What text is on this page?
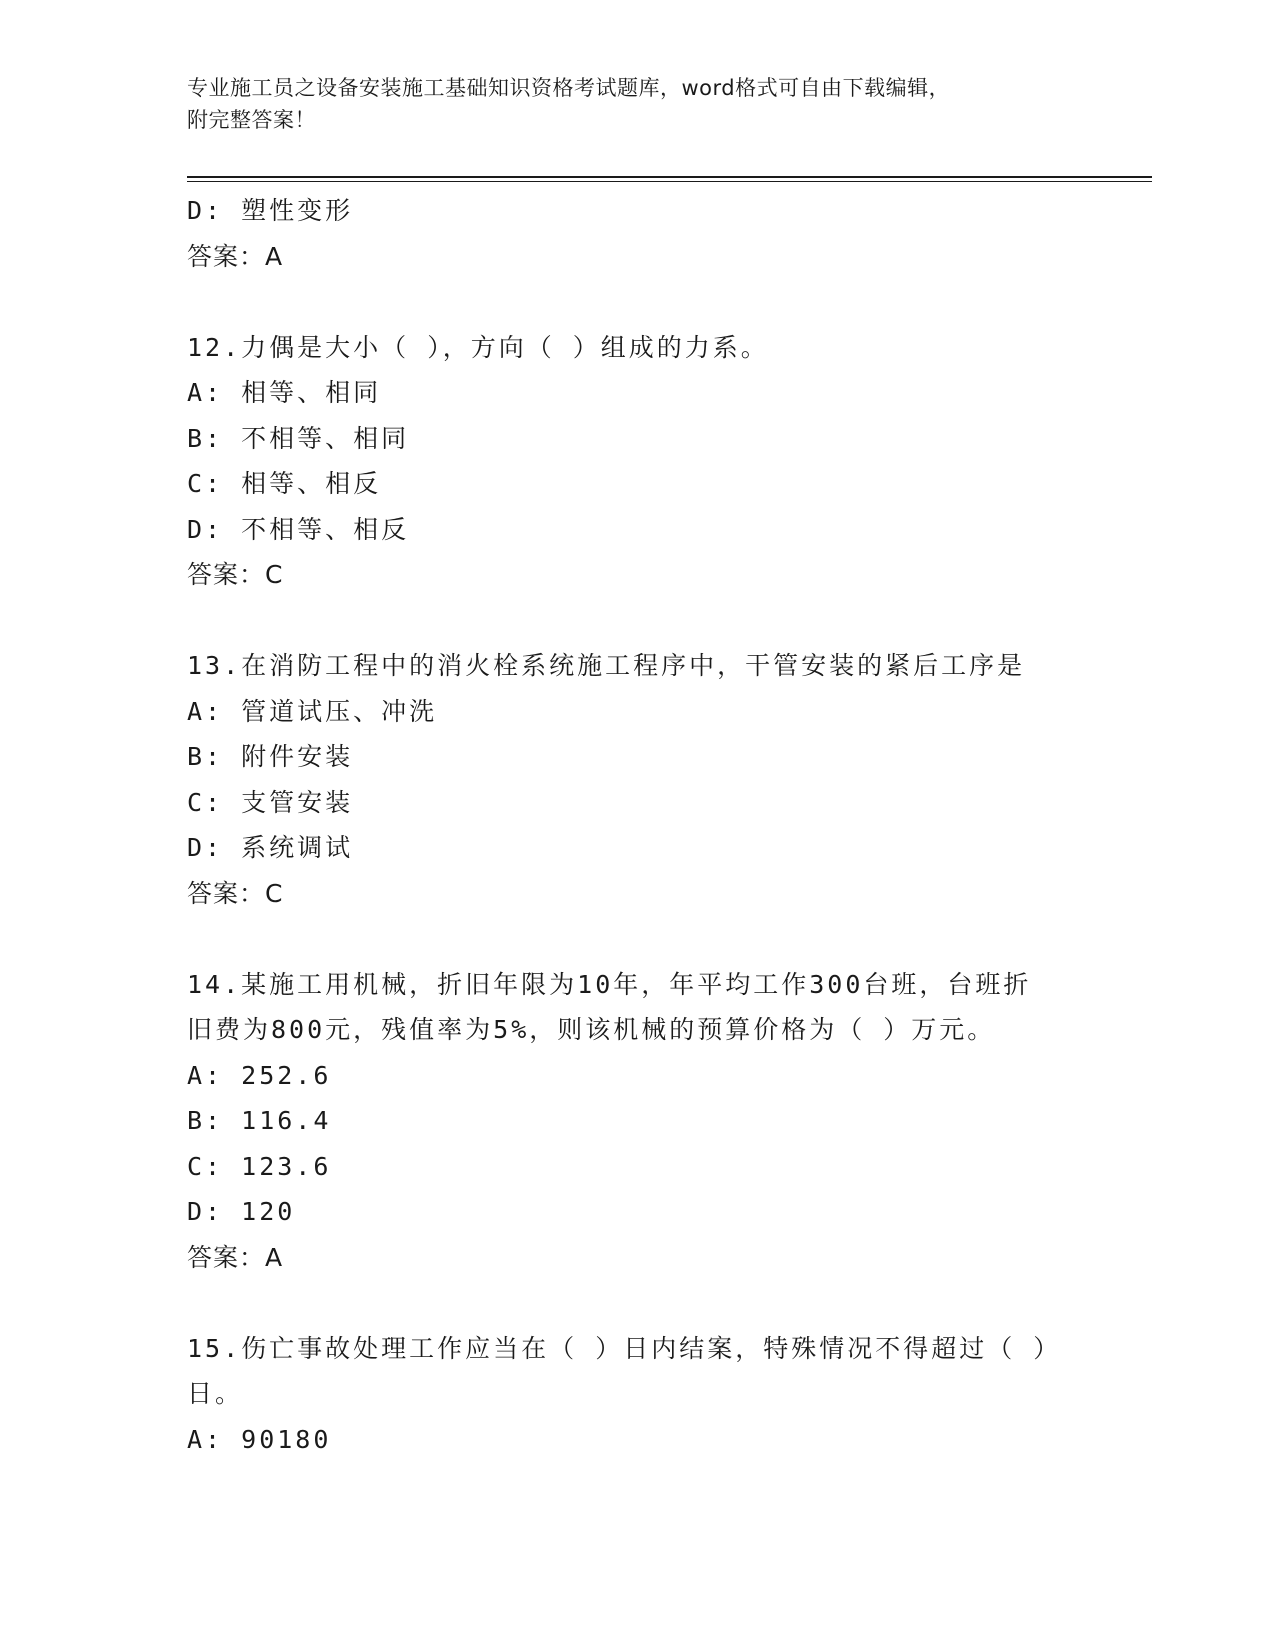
专业施工员之设备安装施工基础知识资格考试题库，word格式可自由下载编辑，
附完整答案！
D: 塑性变形
答案：A
12.力偶是大小（ ），方向（ ）组成的力系。
A: 相等、相同
B: 不相等、相同
C: 相等、相反
D: 不相等、相反
答案：C
13.在消防工程中的消火栓系统施工程序中，干管安装的紧后工序是
A: 管道试压、冲洗
B: 附件安装
C: 支管安装
D: 系统调试
答案：C
14.某施工用机械，折旧年限为10年，年平均工作300台班，台班折
旧费为800元，残值率为5%，则该机械的预算价格为（ ）万元。
A: 252.6
B: 116.4
C: 123.6
D: 120
答案：A
15.伤亡事故处理工作应当在（ ）日内结案，特殊情况不得超过（ ）
日。
A: 90180
